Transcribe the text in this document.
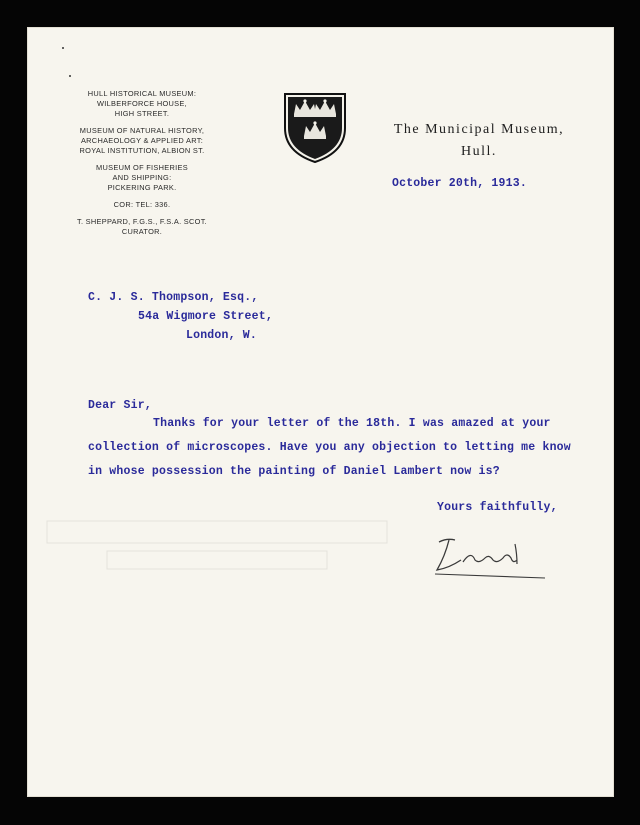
HULL HISTORICAL MUSEUM:
WILBERFORCE HOUSE,
HIGH STREET.
MUSEUM OF NATURAL HISTORY,
ARCHAEOLOGY & APPLIED ART:
ROYAL INSTITUTION, ALBION ST.
MUSEUM OF FISHERIES
AND SHIPPING:
PICKERING PARK.
COR: TEL: 336.
T. SHEPPARD, F.G.S., F.S.A. SCOT.
CURATOR.
The Municipal Museum,
Hull.
October 20th, 1913.
C. J. S. Thompson, Esq.,
54a Wigmore Street,
London, W.
Dear Sir,
Thanks for your letter of the 18th. I was amazed at your
collection of microscopes. Have you any objection to letting me know
in whose possession the painting of Daniel Lambert now is?
Yours faithfully,
